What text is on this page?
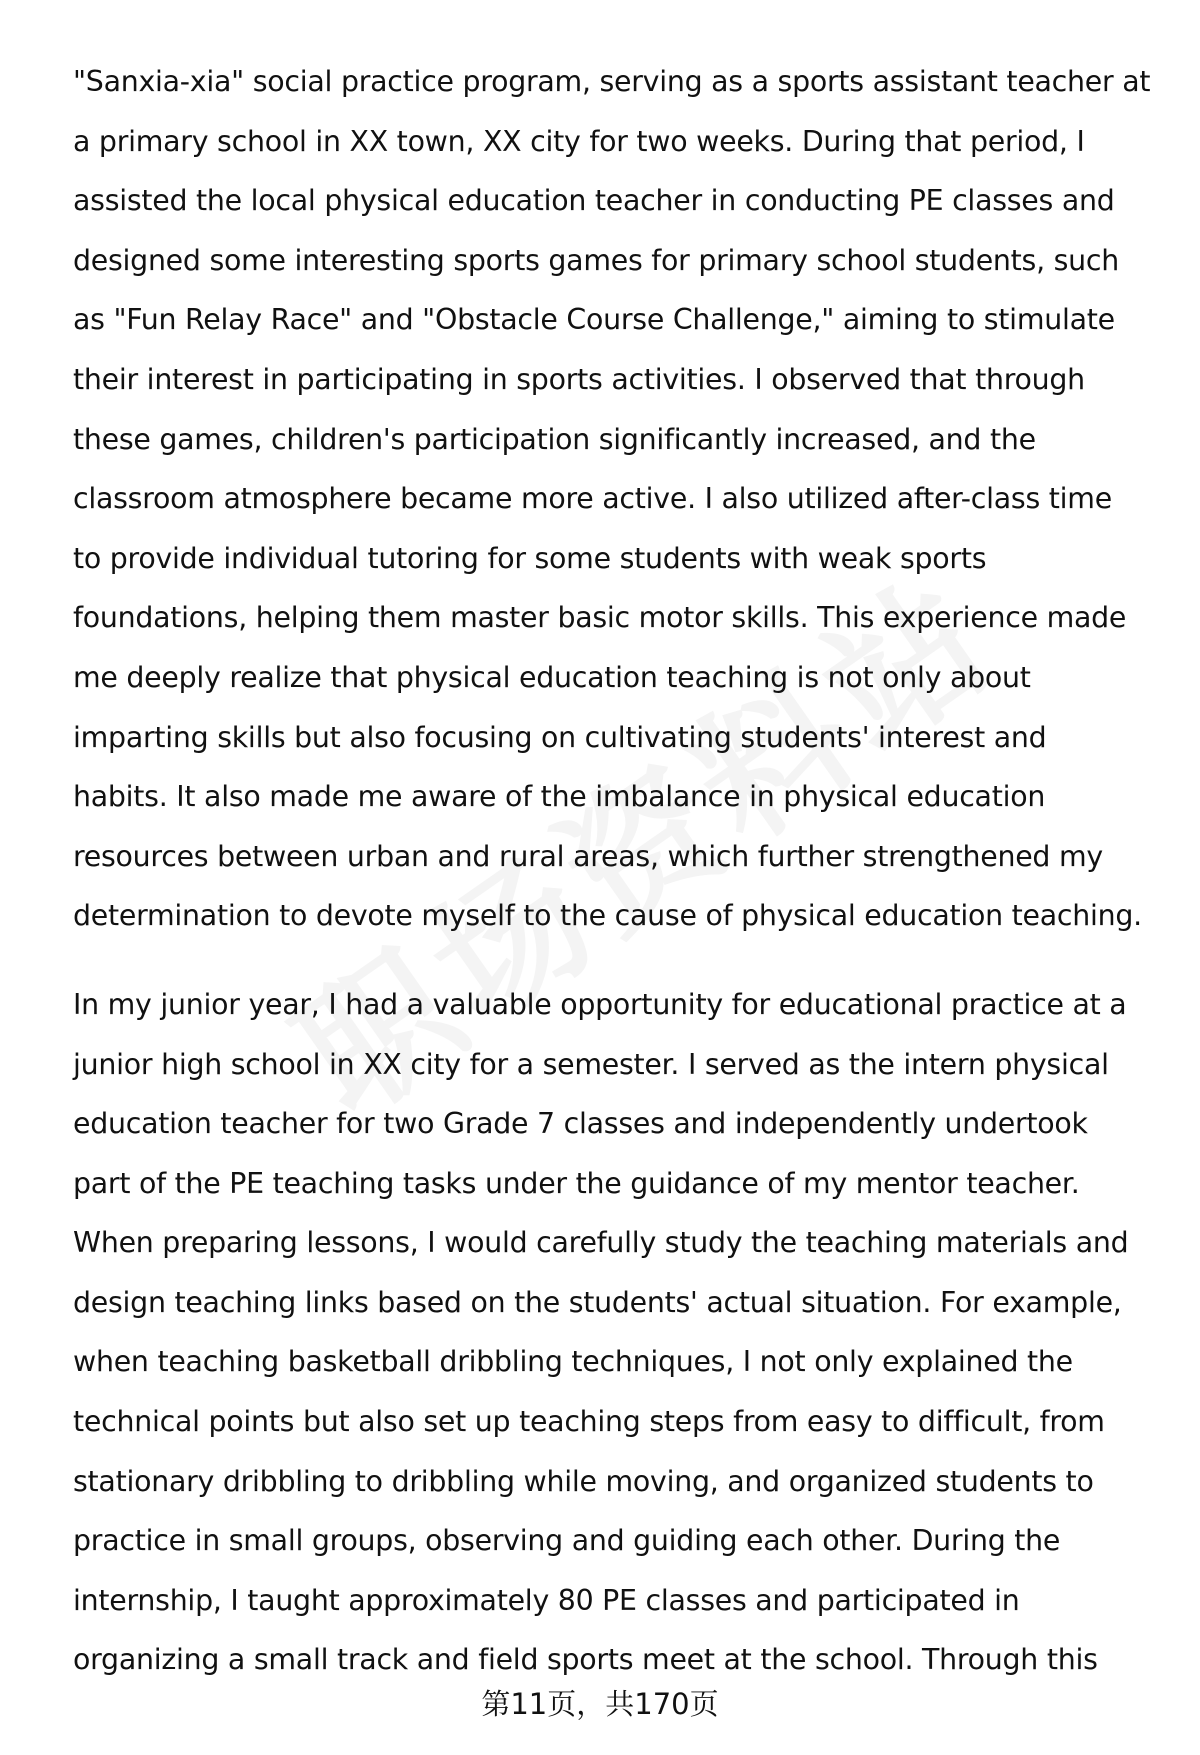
"Sanxia-xia" social practice program, serving as a sports assistant teacher at
a primary school in XX town, XX city for two weeks. During that period, I
assisted the local physical education teacher in conducting PE classes and
designed some interesting sports games for primary school students, such
as "Fun Relay Race" and "Obstacle Course Challenge," aiming to stimulate
their interest in participating in sports activities. I observed that through
these games, children's participation significantly increased, and the
classroom atmosphere became more active. I also utilized after-class time
to provide individual tutoring for some students with weak sports
foundations, helping them master basic motor skills. This experience made
me deeply realize that physical education teaching is not only about
imparting skills but also focusing on cultivating students' interest and
habits. It also made me aware of the imbalance in physical education
resources between urban and rural areas, which further strengthened my
determination to devote myself to the cause of physical education teaching.

In my junior year, I had a valuable opportunity for educational practice at a
junior high school in XX city for a semester. I served as the intern physical
education teacher for two Grade 7 classes and independently undertook
part of the PE teaching tasks under the guidance of my mentor teacher.
When preparing lessons, I would carefully study the teaching materials and
design teaching links based on the students' actual situation. For example,
when teaching basketball dribbling techniques, I not only explained the
technical points but also set up teaching steps from easy to difficult, from
stationary dribbling to dribbling while moving, and organized students to
practice in small groups, observing and guiding each other. During the
internship, I taught approximately 80 PE classes and participated in
organizing a small track and field sports meet at the school. Through this

第11页，共170页
